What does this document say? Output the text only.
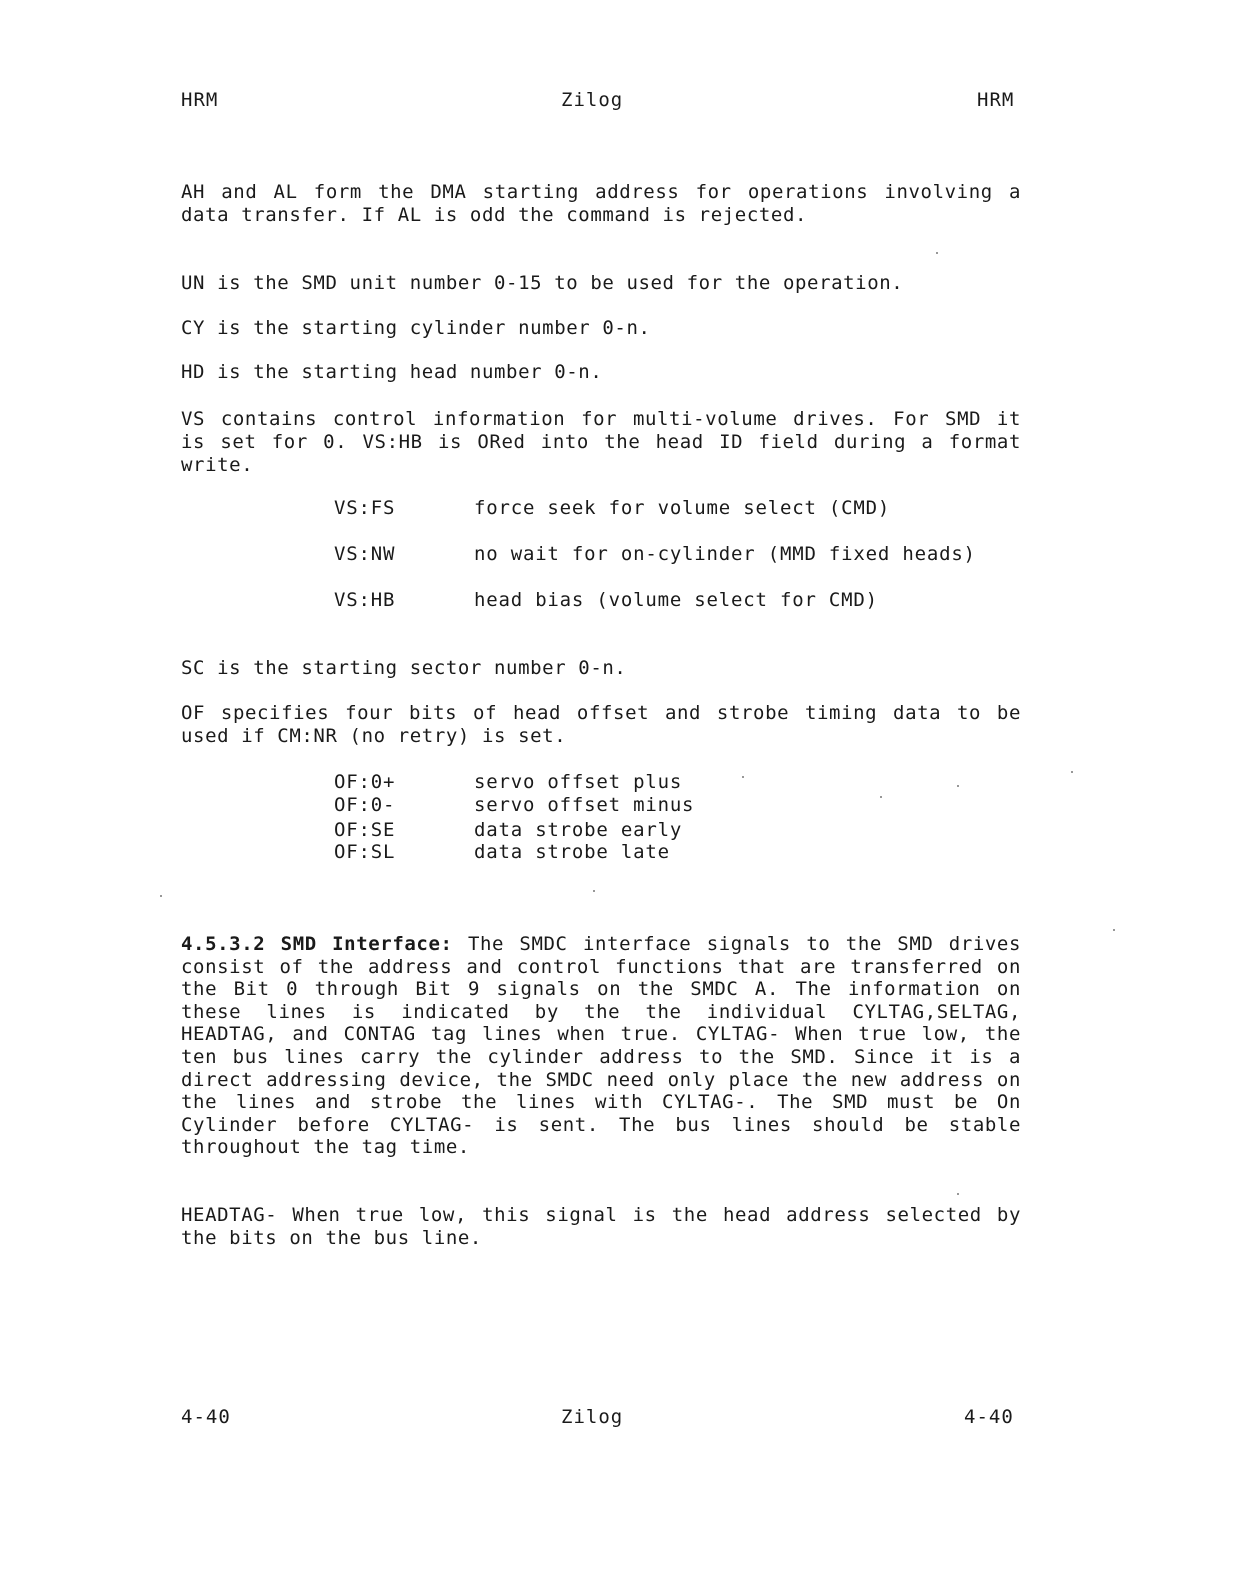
HRM	Zilog	HRM
AH and AL form the DMA starting address for operations involving a data transfer. If AL is odd the command is rejected.
UN is the SMD unit number 0-15 to be used for the operation.
CY is the starting cylinder number 0-n.
HD is the starting head number 0-n.
VS contains control information for multi-volume drives. For SMD it is set for 0. VS:HB is ORed into the head ID field during a format write.
VS:FS	force seek for volume select (CMD)
VS:NW	no wait for on-cylinder (MMD fixed heads)
VS:HB	head bias (volume select for CMD)
SC is the starting sector number 0-n.
OF specifies four bits of head offset and strobe timing data to be used if CM:NR (no retry) is set.
OF:0+	servo offset plus
OF:0-	servo offset minus
OF:SE	data strobe early
OF:SL	data strobe late
4.5.3.2 SMD Interface: The SMDC interface signals to the SMD drives consist of the address and control functions that are transferred on the Bit 0 through Bit 9 signals on the SMDC A. The information on these lines is indicated by the the individual CYLTAG,SELTAG, HEADTAG, and CONTAG tag lines when true. CYLTAG- When true low, the ten bus lines carry the cylinder address to the SMD. Since it is a direct addressing device, the SMDC need only place the new address on the lines and strobe the lines with CYLTAG-. The SMD must be On Cylinder before CYLTAG- is sent. The bus lines should be stable throughout the tag time.
HEADTAG- When true low, this signal is the head address selected by the bits on the bus line.
4-40	Zilog	4-40
